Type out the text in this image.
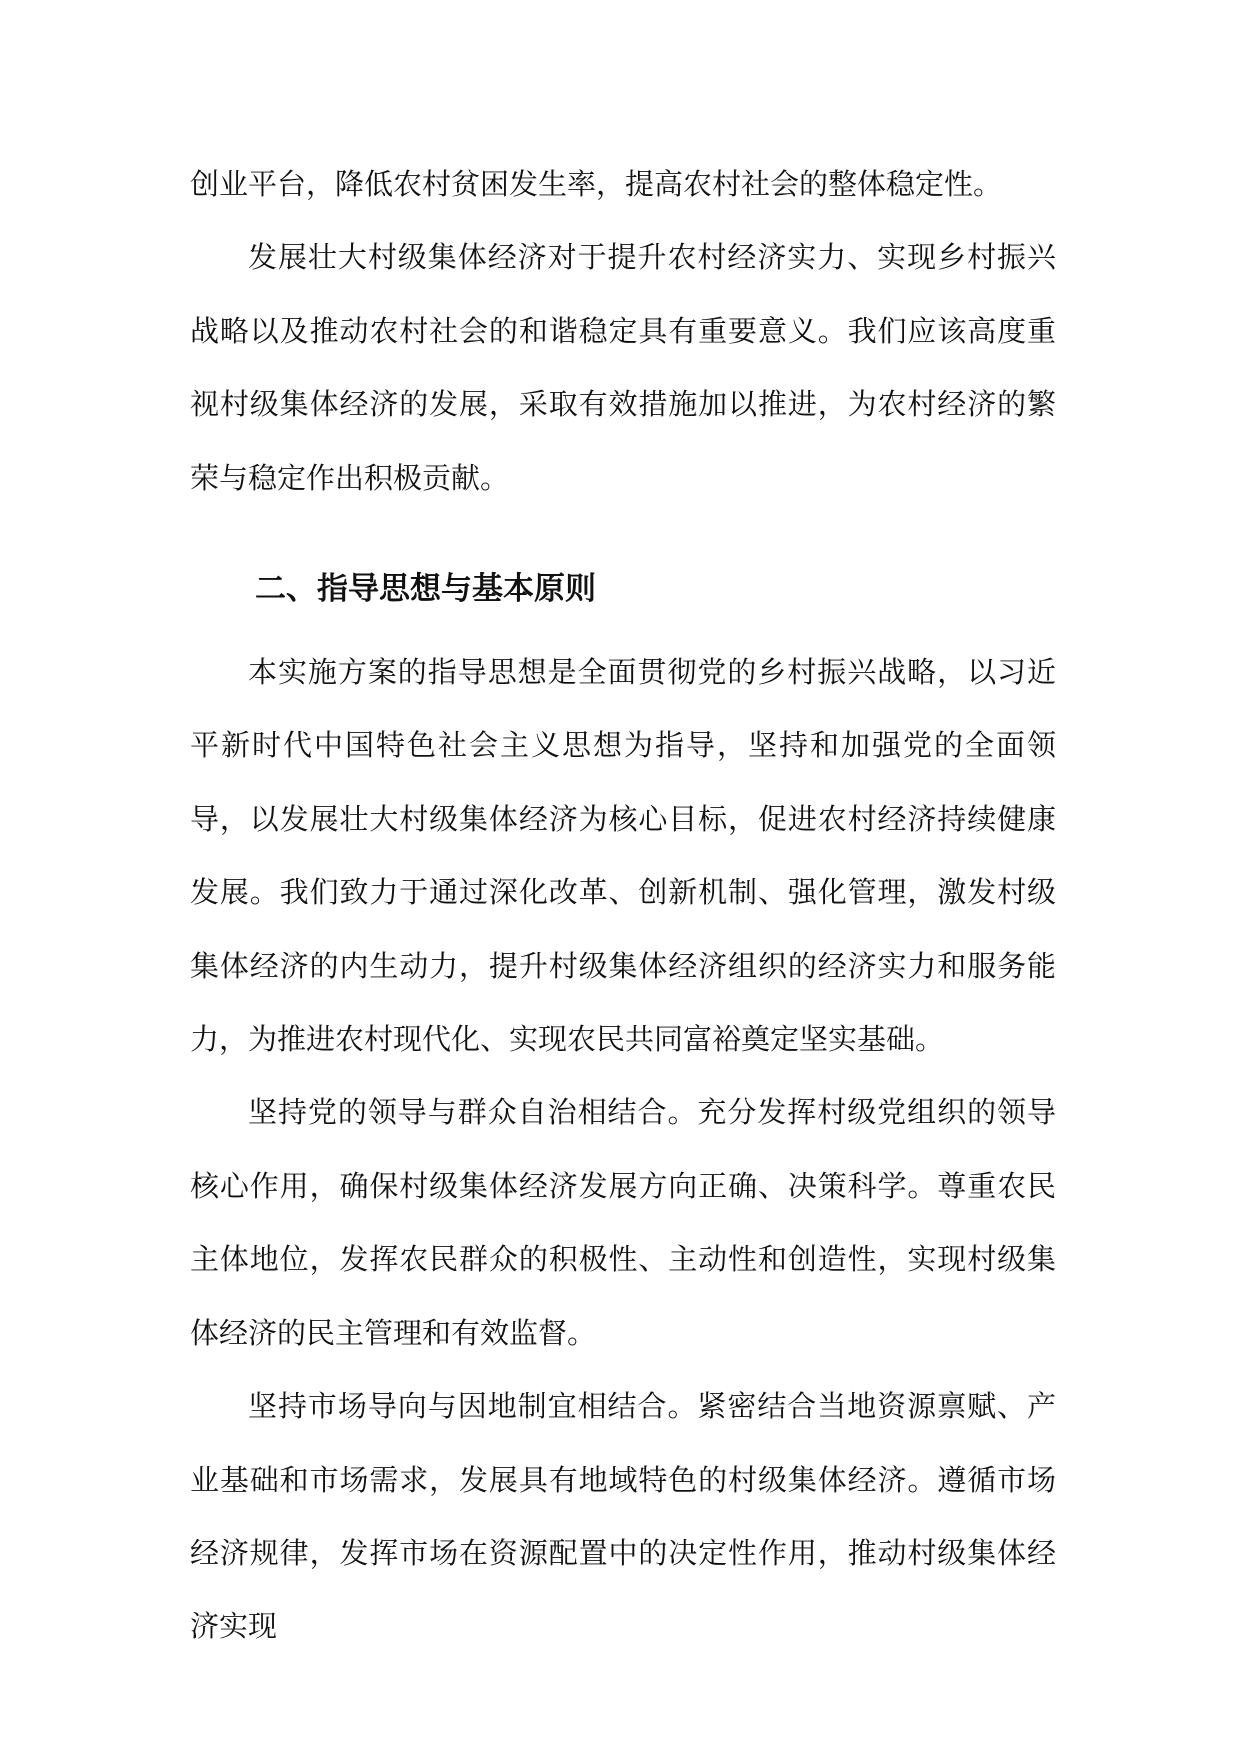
创业平台，降低农村贫困发生率，提高农村社会的整体稳定性。

发展壮大村级集体经济对于提升农村经济实力、实现乡村振兴战略以及推动农村社会的和谐稳定具有重要意义。我们应该高度重视村级集体经济的发展，采取有效措施加以推进，为农村经济的繁荣与稳定作出积极贡献。

二、指导思想与基本原则

本实施方案的指导思想是全面贯彻党的乡村振兴战略，以习近平新时代中国特色社会主义思想为指导，坚持和加强党的全面领导，以发展壮大村级集体经济为核心目标，促进农村经济持续健康发展。我们致力于通过深化改革、创新机制、强化管理，激发村级集体经济的内生动力，提升村级集体经济组织的经济实力和服务能力，为推进农村现代化、实现农民共同富裕奠定坚实基础。

坚持党的领导与群众自治相结合。充分发挥村级党组织的领导核心作用，确保村级集体经济发展方向正确、决策科学。尊重农民主体地位，发挥农民群众的积极性、主动性和创造性，实现村级集体经济的民主管理和有效监督。

坚持市场导向与因地制宜相结合。紧密结合当地资源禀赋、产业基础和市场需求，发展具有地域特色的村级集体经济。遵循市场经济规律，发挥市场在资源配置中的决定性作用，推动村级集体经济实现
